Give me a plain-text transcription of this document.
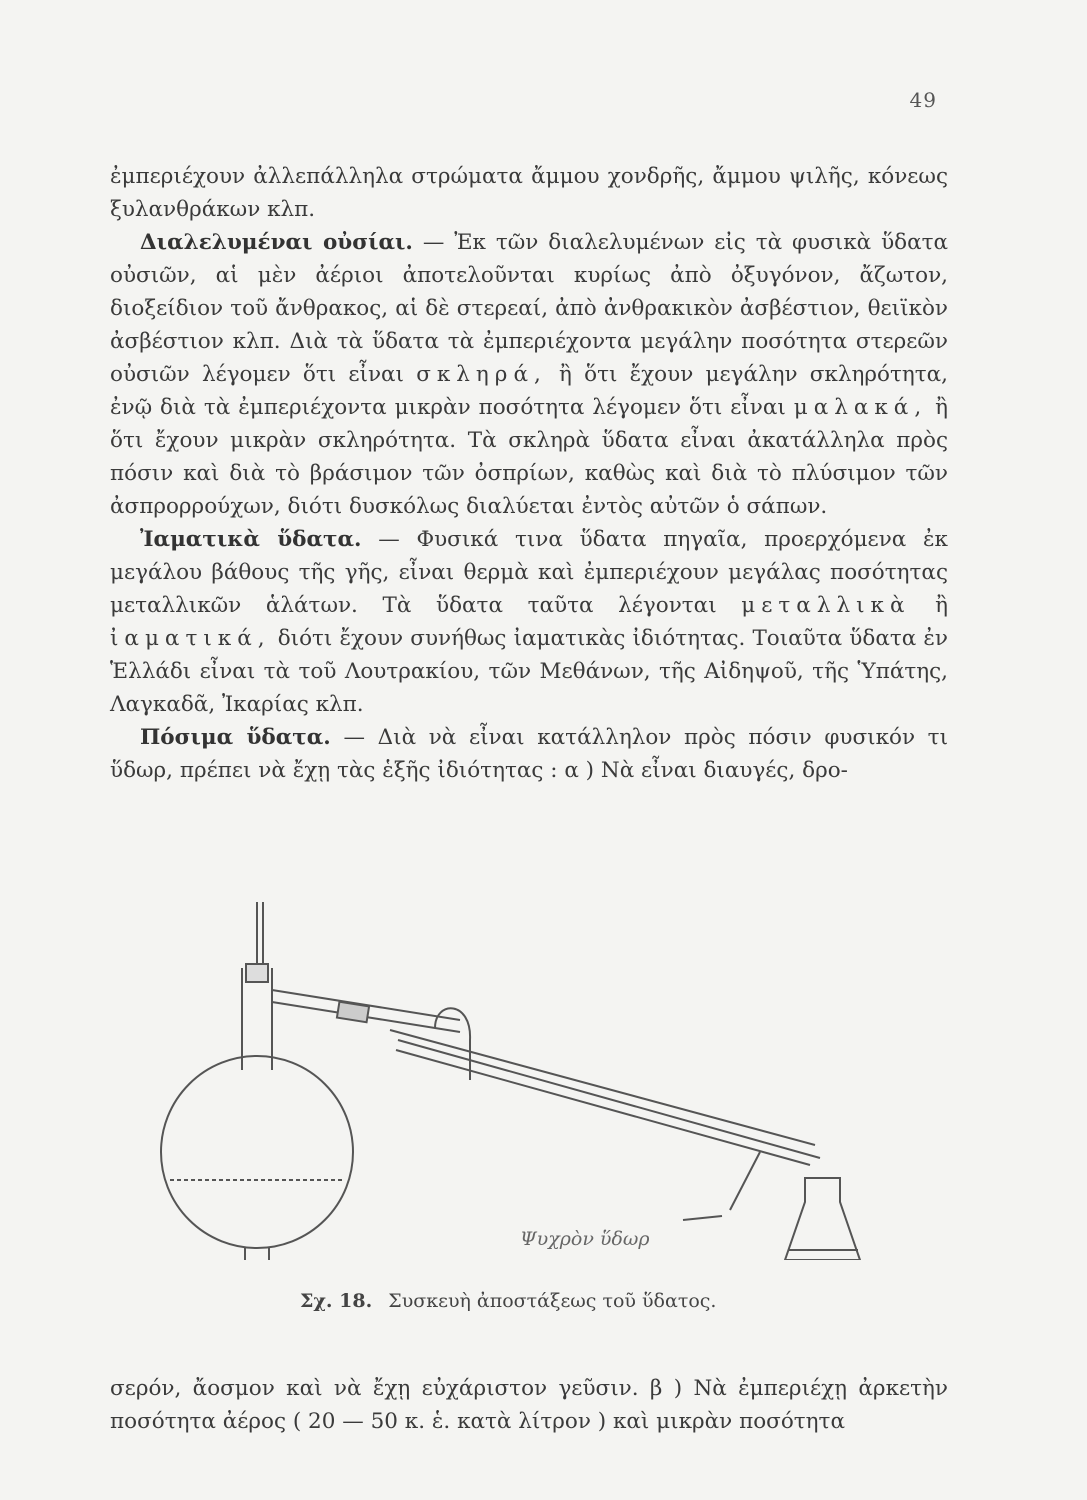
49

ἐμπεριέχουν ἀλλεπάλληλα στρώματα ἄμμου χονδρῆς, ἄμμου ψιλῆς, κόνεως ξυλανθράκων κλπ.

Διαλελυμέναι οὐσίαι. — Ἐκ τῶν διαλελυμένων εἰς τὰ φυσικὰ ὕδατα οὐσιῶν, αἱ μὲν ἀέριοι ἀποτελοῦνται κυρίως ἀπὸ ὀξυγόνον, ἄζωτον, διοξείδιον τοῦ ἄνθρακος, αἱ δὲ στερεαί, ἀπὸ ἀνθρακικὸν ἀσβέστιον, θειϊκὸν ἀσβέστιον κλπ. Διὰ τὰ ὕδατα τὰ ἐμπεριέχοντα μεγάλην ποσότητα στερεῶν οὐσιῶν λέγομεν ὅτι εἶναι σκληρά, ἢ ὅτι ἔχουν μεγάλην σκληρότητα, ἐνῷ διὰ τὰ ἐμπεριέχοντα μικρὰν ποσότητα λέγομεν ὅτι εἶναι μαλακά, ἢ ὅτι ἔχουν μικρὰν σκληρότητα. Τὰ σκληρὰ ὕδατα εἶναι ἀκατάλληλα πρὸς πόσιν καὶ διὰ τὸ βράσιμον τῶν ὀσπρίων, καθὼς καὶ διὰ τὸ πλύσιμον τῶν ἀσπρορρούχων, διότι δυσκόλως διαλύεται ἐντὸς αὐτῶν ὁ σάπων.

Ἰαματικὰ ὕδατα. — Φυσικά τινα ὕδατα πηγαῖα, προερχόμενα ἐκ μεγάλου βάθους τῆς γῆς, εἶναι θερμὰ καὶ ἐμπεριέχουν μεγάλας ποσότητας μεταλλικῶν ἁλάτων. Τὰ ὕδατα ταῦτα λέγονται μεταλλικὰ ἢ ἰαματικά, διότι ἔχουν συνήθως ἰαματικὰς ἰδιότητας. Τοιαῦτα ὕδατα ἐν Ἑλλάδι εἶναι τὰ τοῦ Λουτρακίου, τῶν Μεθάνων, τῆς Αἰδηψοῦ, τῆς Ὑπάτης, Λαγκαδᾶ, Ἰκαρίας κλπ.

Πόσιμα ὕδατα. — Διὰ νὰ εἶναι κατάλληλον πρὸς πόσιν φυσικόν τι ὕδωρ, πρέπει νὰ ἔχῃ τὰς ἑξῆς ἰδιότητας : α ) Νὰ εἶναι διαυγές, δρο-

Ψυχρὸν ὕδωρ
Σχ. 18. Συσκευὴ ἀποστάξεως τοῦ ὕδατος.

σερόν, ἄοσμον καὶ νὰ ἔχῃ εὐχάριστον γεῦσιν. β ) Νὰ ἐμπεριέχῃ ἀρκετὴν ποσότητα ἀέρος ( 20 — 50 κ. ἑ. κατὰ λίτρον ) καὶ μικρὰν ποσότητα
